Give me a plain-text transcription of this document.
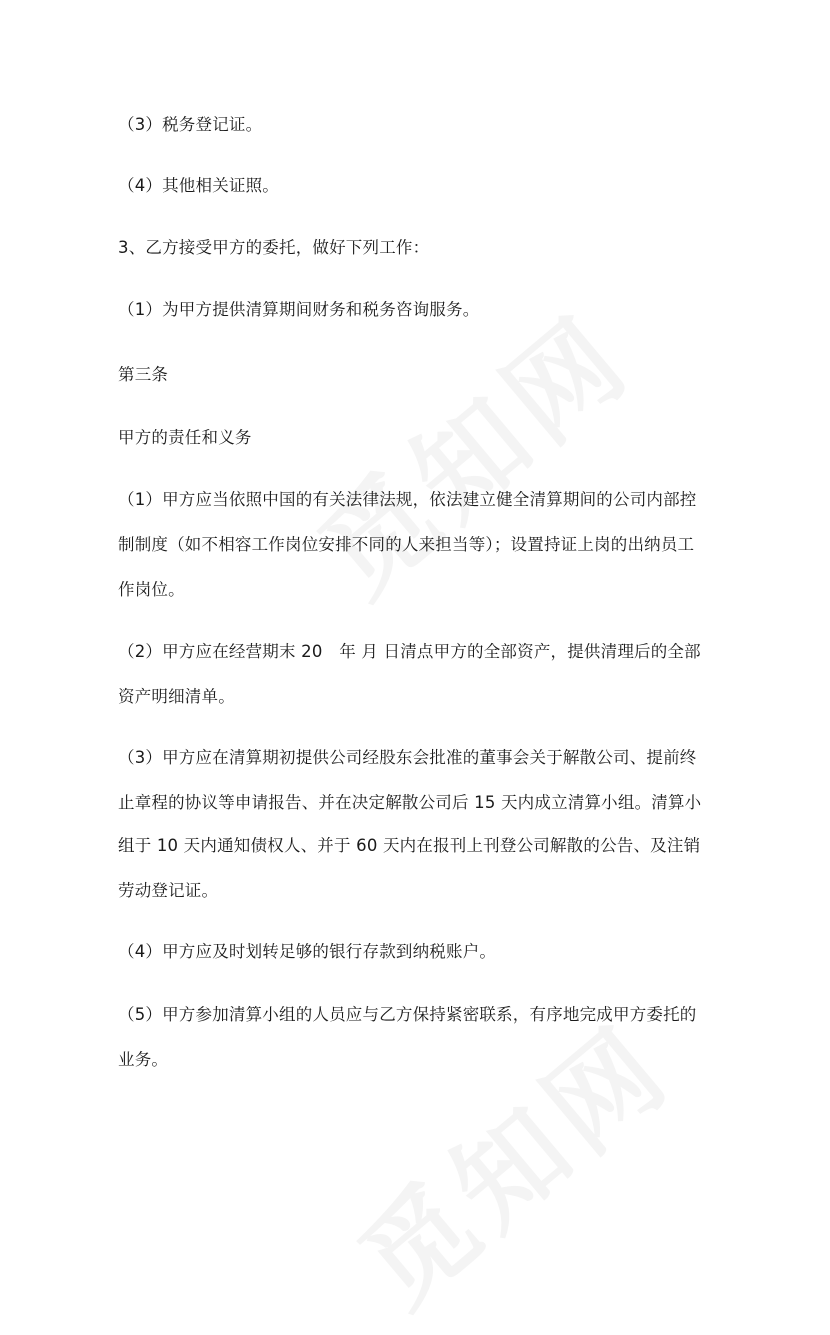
（3）税务登记证。
（4）其他相关证照。
3、乙方接受甲方的委托，做好下列工作：
（1）为甲方提供清算期间财务和税务咨询服务。
第三条
甲方的责任和义务
（1）甲方应当依照中国的有关法律法规，依法建立健全清算期间的公司内部控
制制度（如不相容工作岗位安排不同的人来担当等）；设置持证上岗的出纳员工
作岗位。
（2）甲方应在经营期末 20　年 月 日清点甲方的全部资产，提供清理后的全部
资产明细清单。
（3）甲方应在清算期初提供公司经股东会批准的董事会关于解散公司、提前终
止章程的协议等申请报告、并在决定解散公司后 15 天内成立清算小组。清算小
组于 10 天内通知债权人、并于 60 天内在报刊上刊登公司解散的公告、及注销
劳动登记证。
（4）甲方应及时划转足够的银行存款到纳税账户。
（5）甲方参加清算小组的人员应与乙方保持紧密联系，有序地完成甲方委托的
业务。
